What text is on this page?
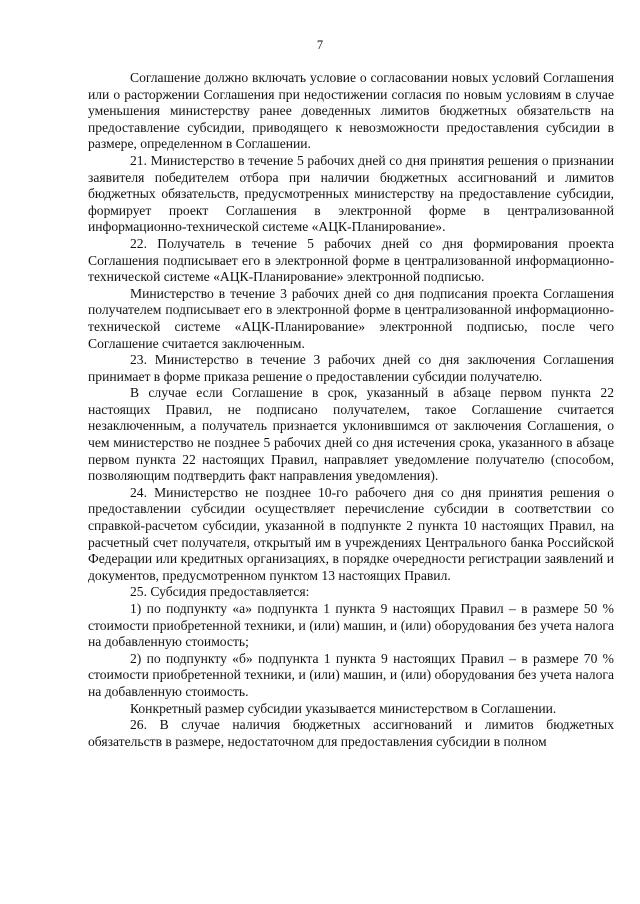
7

Соглашение должно включать условие о согласовании новых условий Соглашения или о расторжении Соглашения при недостижении согласия по новым условиям в случае уменьшения министерству ранее доведенных лимитов бюджетных обязательств на предоставление субсидии, приводящего к невозможности предоставления субсидии в размере, определенном в Соглашении.

21. Министерство в течение 5 рабочих дней со дня принятия решения о признании заявителя победителем отбора при наличии бюджетных ассигнований и лимитов бюджетных обязательств, предусмотренных министерству на предоставление субсидии, формирует проект Соглашения в электронной форме в централизованной информационно-технической системе «АЦК-Планирование».

22. Получатель в течение 5 рабочих дней со дня формирования проекта Соглашения подписывает его в электронной форме в централизованной информационно-технической системе «АЦК-Планирование» электронной подписью.

Министерство в течение 3 рабочих дней со дня подписания проекта Соглашения получателем подписывает его в электронной форме в централизованной информационно-технической системе «АЦК-Планирование» электронной подписью, после чего Соглашение считается заключенным.

23. Министерство в течение 3 рабочих дней со дня заключения Соглашения принимает в форме приказа решение о предоставлении субсидии получателю.

В случае если Соглашение в срок, указанный в абзаце первом пункта 22 настоящих Правил, не подписано получателем, такое Соглашение считается незаключенным, а получатель признается уклонившимся от заключения Соглашения, о чем министерство не позднее 5 рабочих дней со дня истечения срока, указанного в абзаце первом пункта 22 настоящих Правил, направляет уведомление получателю (способом, позволяющим подтвердить факт направления уведомления).

24. Министерство не позднее 10-го рабочего дня со дня принятия решения о предоставлении субсидии осуществляет перечисление субсидии в соответствии со справкой-расчетом субсидии, указанной в подпункте 2 пункта 10 настоящих Правил, на расчетный счет получателя, открытый им в учреждениях Центрального банка Российской Федерации или кредитных организациях, в порядке очередности регистрации заявлений и документов, предусмотренном пунктом 13 настоящих Правил.

25. Субсидия предоставляется:

1) по подпункту «а» подпункта 1 пункта 9 настоящих Правил – в размере 50 % стоимости приобретенной техники, и (или) машин, и (или) оборудования без учета налога на добавленную стоимость;

2) по подпункту «б» подпункта 1 пункта 9 настоящих Правил – в размере 70 % стоимости приобретенной техники, и (или) машин, и (или) оборудования без учета налога на добавленную стоимость.

Конкретный размер субсидии указывается министерством в Соглашении.

26. В случае наличия бюджетных ассигнований и лимитов бюджетных обязательств в размере, недостаточном для предоставления субсидии в полном
